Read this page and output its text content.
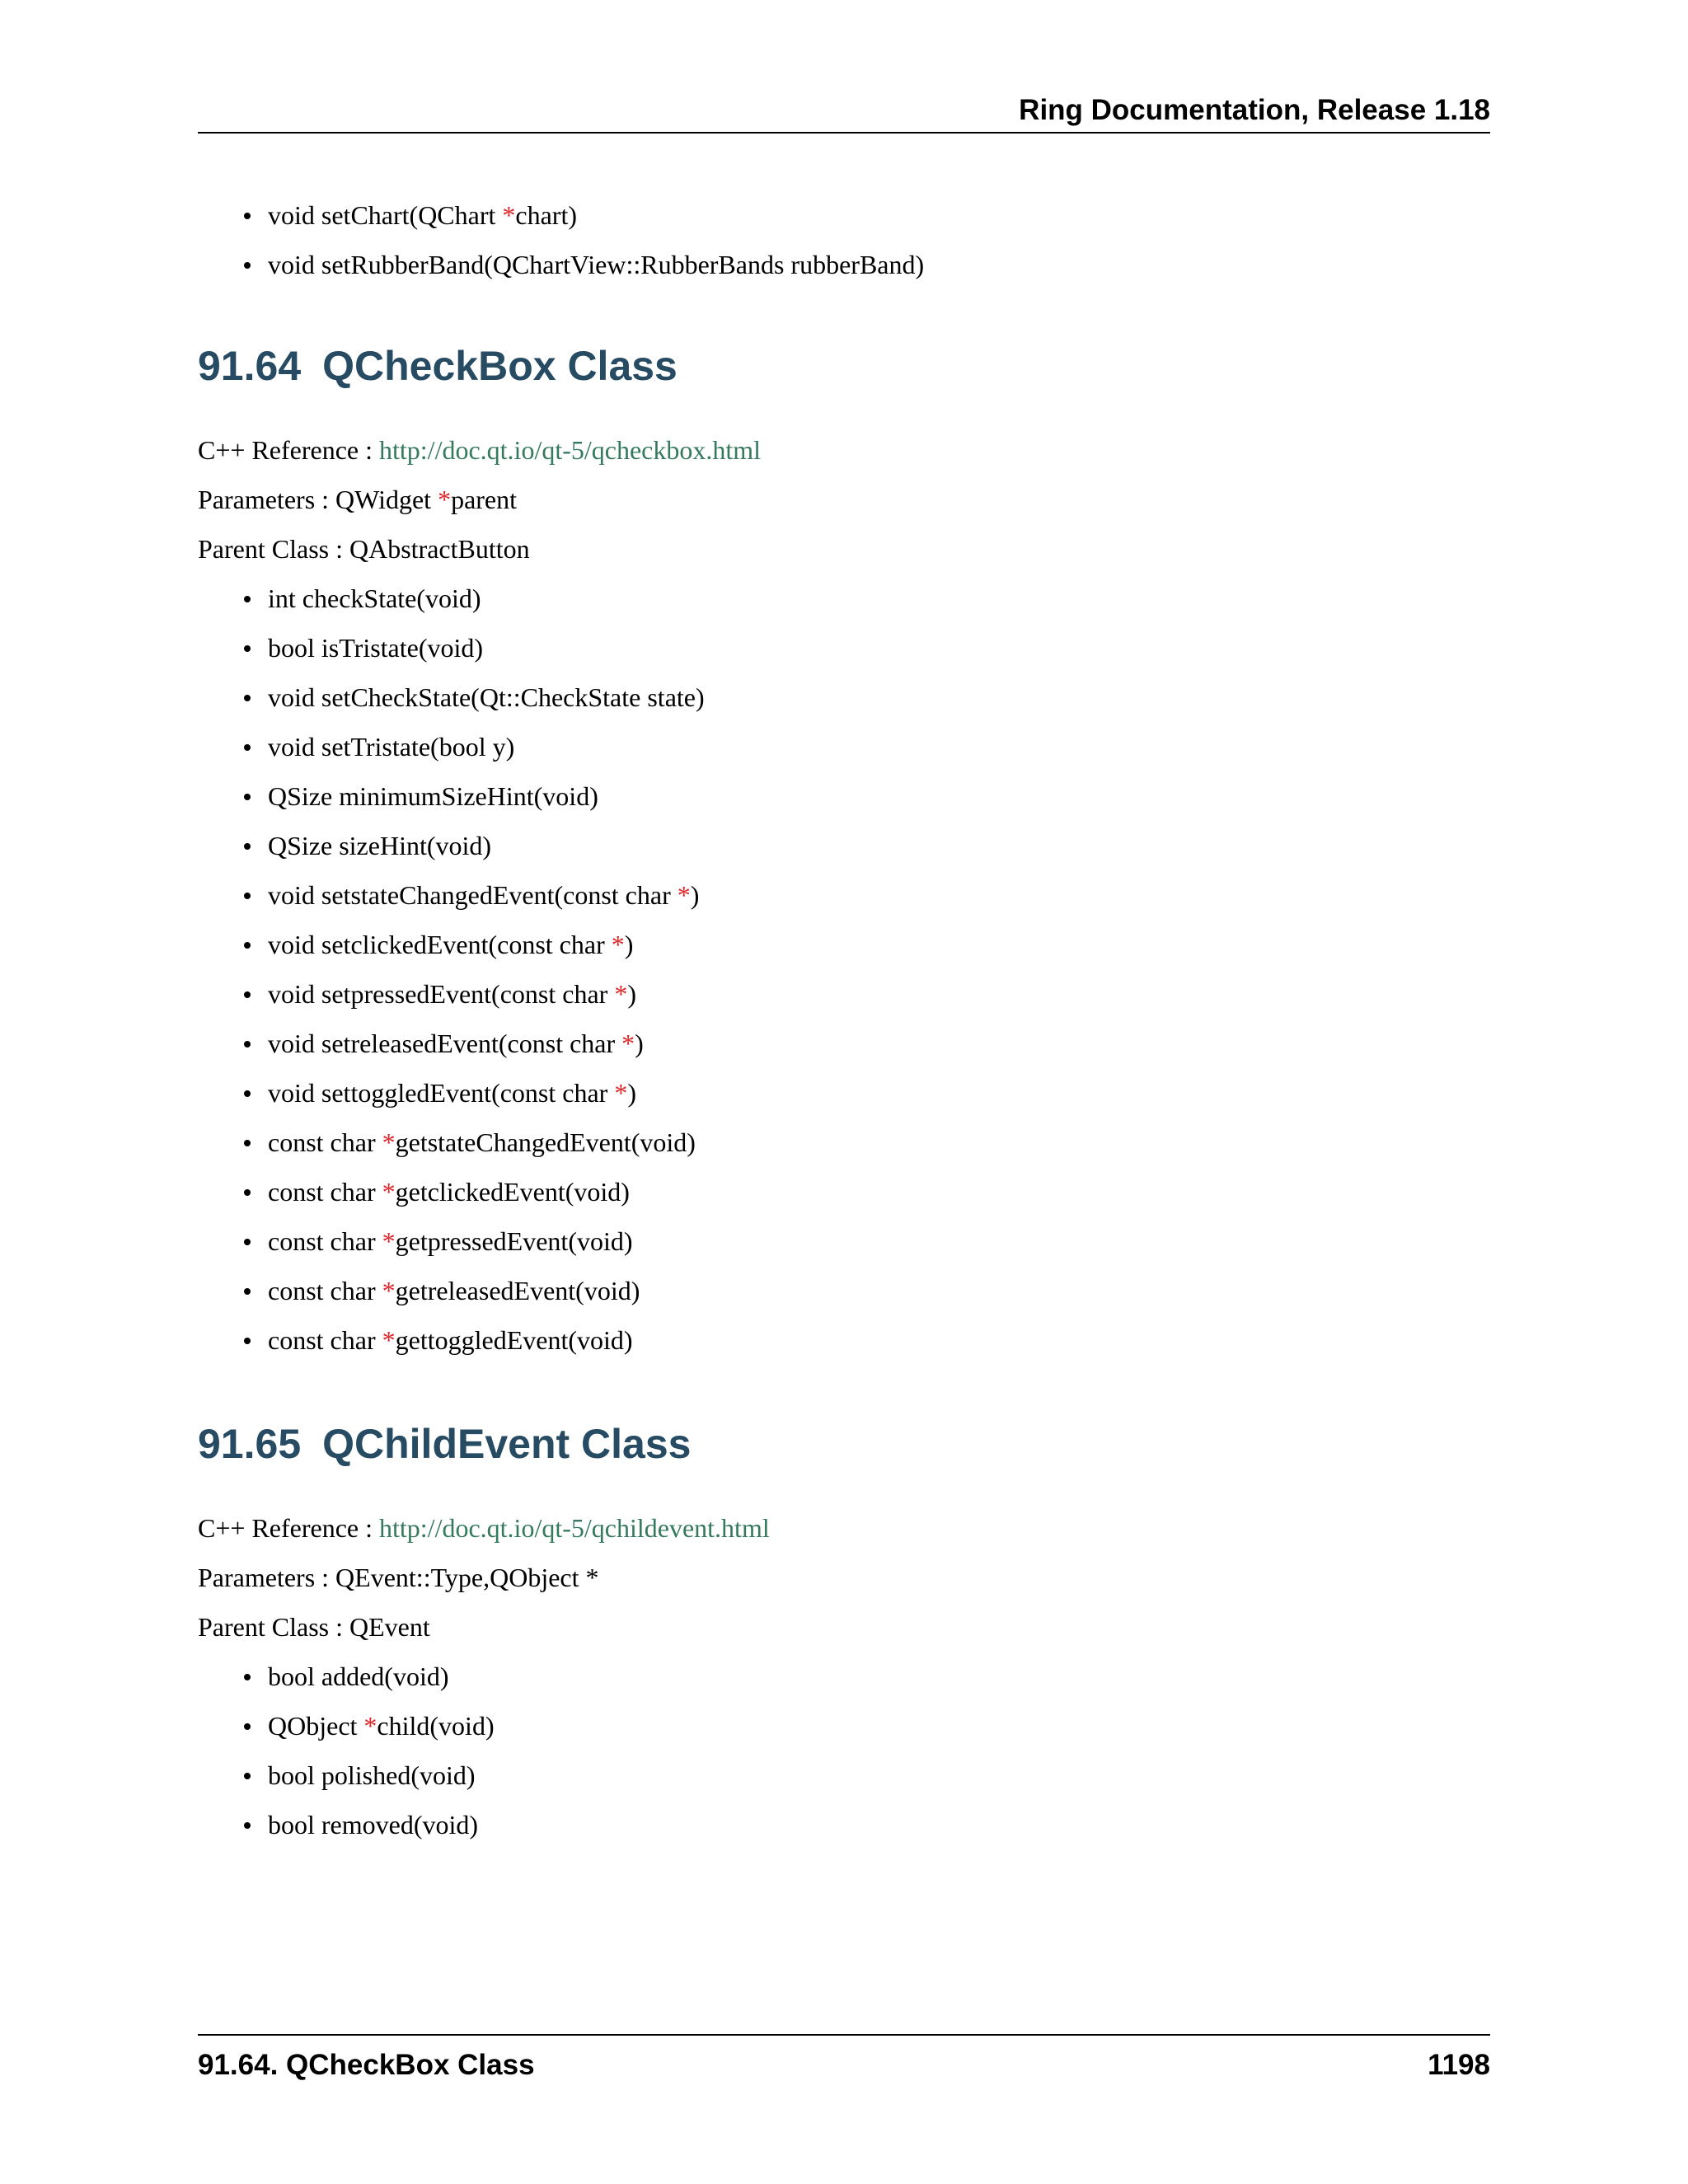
Ring Documentation, Release 1.18
void setChart(QChart *chart)
void setRubberBand(QChartView::RubberBands rubberBand)
91.64 QCheckBox Class
C++ Reference : http://doc.qt.io/qt-5/qcheckbox.html
Parameters : QWidget *parent
Parent Class : QAbstractButton
int checkState(void)
bool isTristate(void)
void setCheckState(Qt::CheckState state)
void setTristate(bool y)
QSize minimumSizeHint(void)
QSize sizeHint(void)
void setstateChangedEvent(const char *)
void setclickedEvent(const char *)
void setpressedEvent(const char *)
void setreleasedEvent(const char *)
void settoggledEvent(const char *)
const char *getstateChangedEvent(void)
const char *getclickedEvent(void)
const char *getpressedEvent(void)
const char *getreleasedEvent(void)
const char *gettoggledEvent(void)
91.65 QChildEvent Class
C++ Reference : http://doc.qt.io/qt-5/qchildevent.html
Parameters : QEvent::Type,QObject *
Parent Class : QEvent
bool added(void)
QObject *child(void)
bool polished(void)
bool removed(void)
91.64. QCheckBox Class	1198
